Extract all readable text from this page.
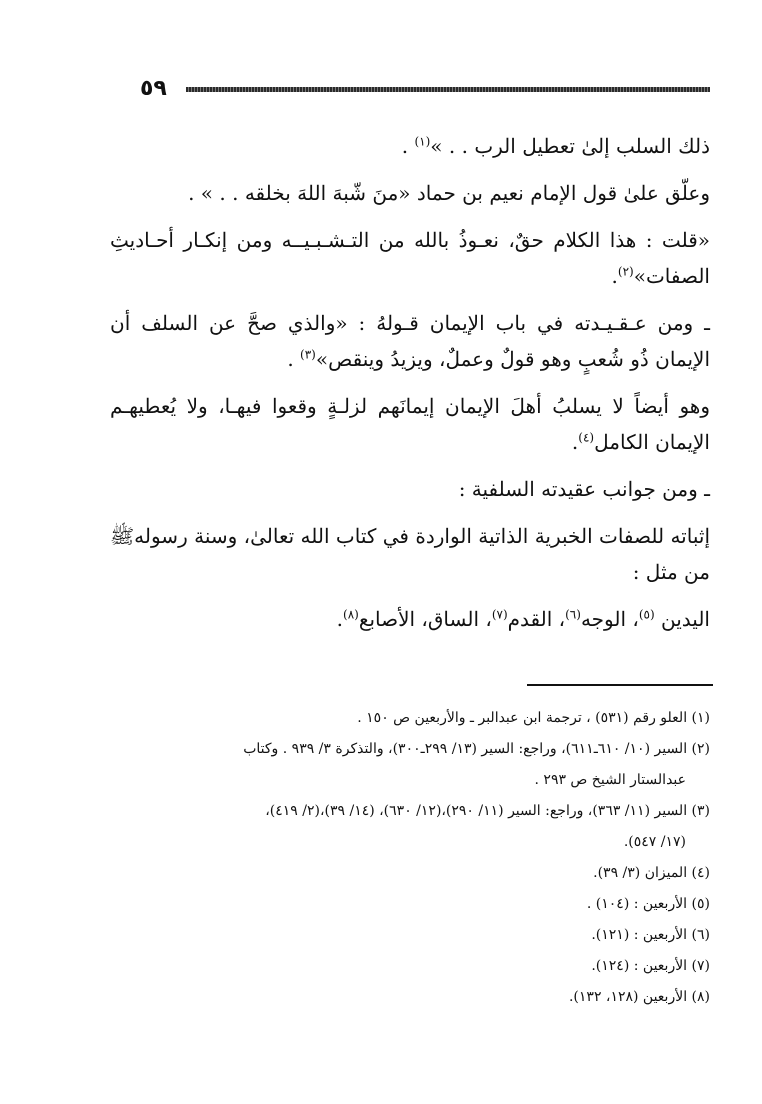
٥٩

ذلك السلب إلىٰ تعطيل الرب . . »$^{(١)}$ .

وعلّق علىٰ قول الإمام نعيم بن حماد «منَ شّبهَ اللهَ بخلقه . . » .

«قلت : هذا الكلام حقٌ، نعـوذُ بالله من التـشـبـيــه ومن إنكـار أحـاديثِ الصفات»$^{(٢)}$.

ـ ومن عـقـيـدته في باب الإيمان قـولهُ : «والذي صحَّ عن السلف أن الإيمان ذُو شُعبٍ وهو قولٌ وعملٌ، ويزيدُ وينقص»$^{(٣)}$ .

وهو أيضاً لا يسلبُ أهلَ الإيمان إيمانَهم لزلـةٍ وقعوا فيهـا، ولا يُعطيهـم الإيمان الكامل$^{(٤)}$.

ـ ومن جوانب عقيدته السلفية :

إثباته للصفات الخبرية الذاتية الواردة في كتاب الله تعالىٰ، وسنة رسولهﷺ من مثل :

اليدين $^{(٥)}$، الوجه$^{(٦)}$، القدم$^{(٧)}$، الساق، الأصابع$^{(٨)}$.

(١) العلو رقم (٥٣١) ، ترجمة ابن عبدالبر ـ والأربعين ص ١٥٠ .

(٢) السير (١٠/ ٦١٠ـ٦١١)، وراجع: السير (١٣/ ٢٩٩ـ٣٠٠)، والتذكرة ٣/ ٩٣٩ . وكتاب

عبدالستار الشيخ ص ٢٩٣ .

(٣) السير (١١/ ٣٦٣)، وراجع: السير (١١/ ٢٩٠)،(١٢/ ٦٣٠)، (١٤/ ٣٩)،(٢/ ٤١٩)،

(١٧/ ٥٤٧).

(٤) الميزان (٣/ ٣٩).

(٥) الأربعين : (١٠٤) .

(٦) الأربعين : (١٢١).

(٧) الأربعين : (١٢٤).

(٨) الأربعين (١٢٨، ١٣٢).
